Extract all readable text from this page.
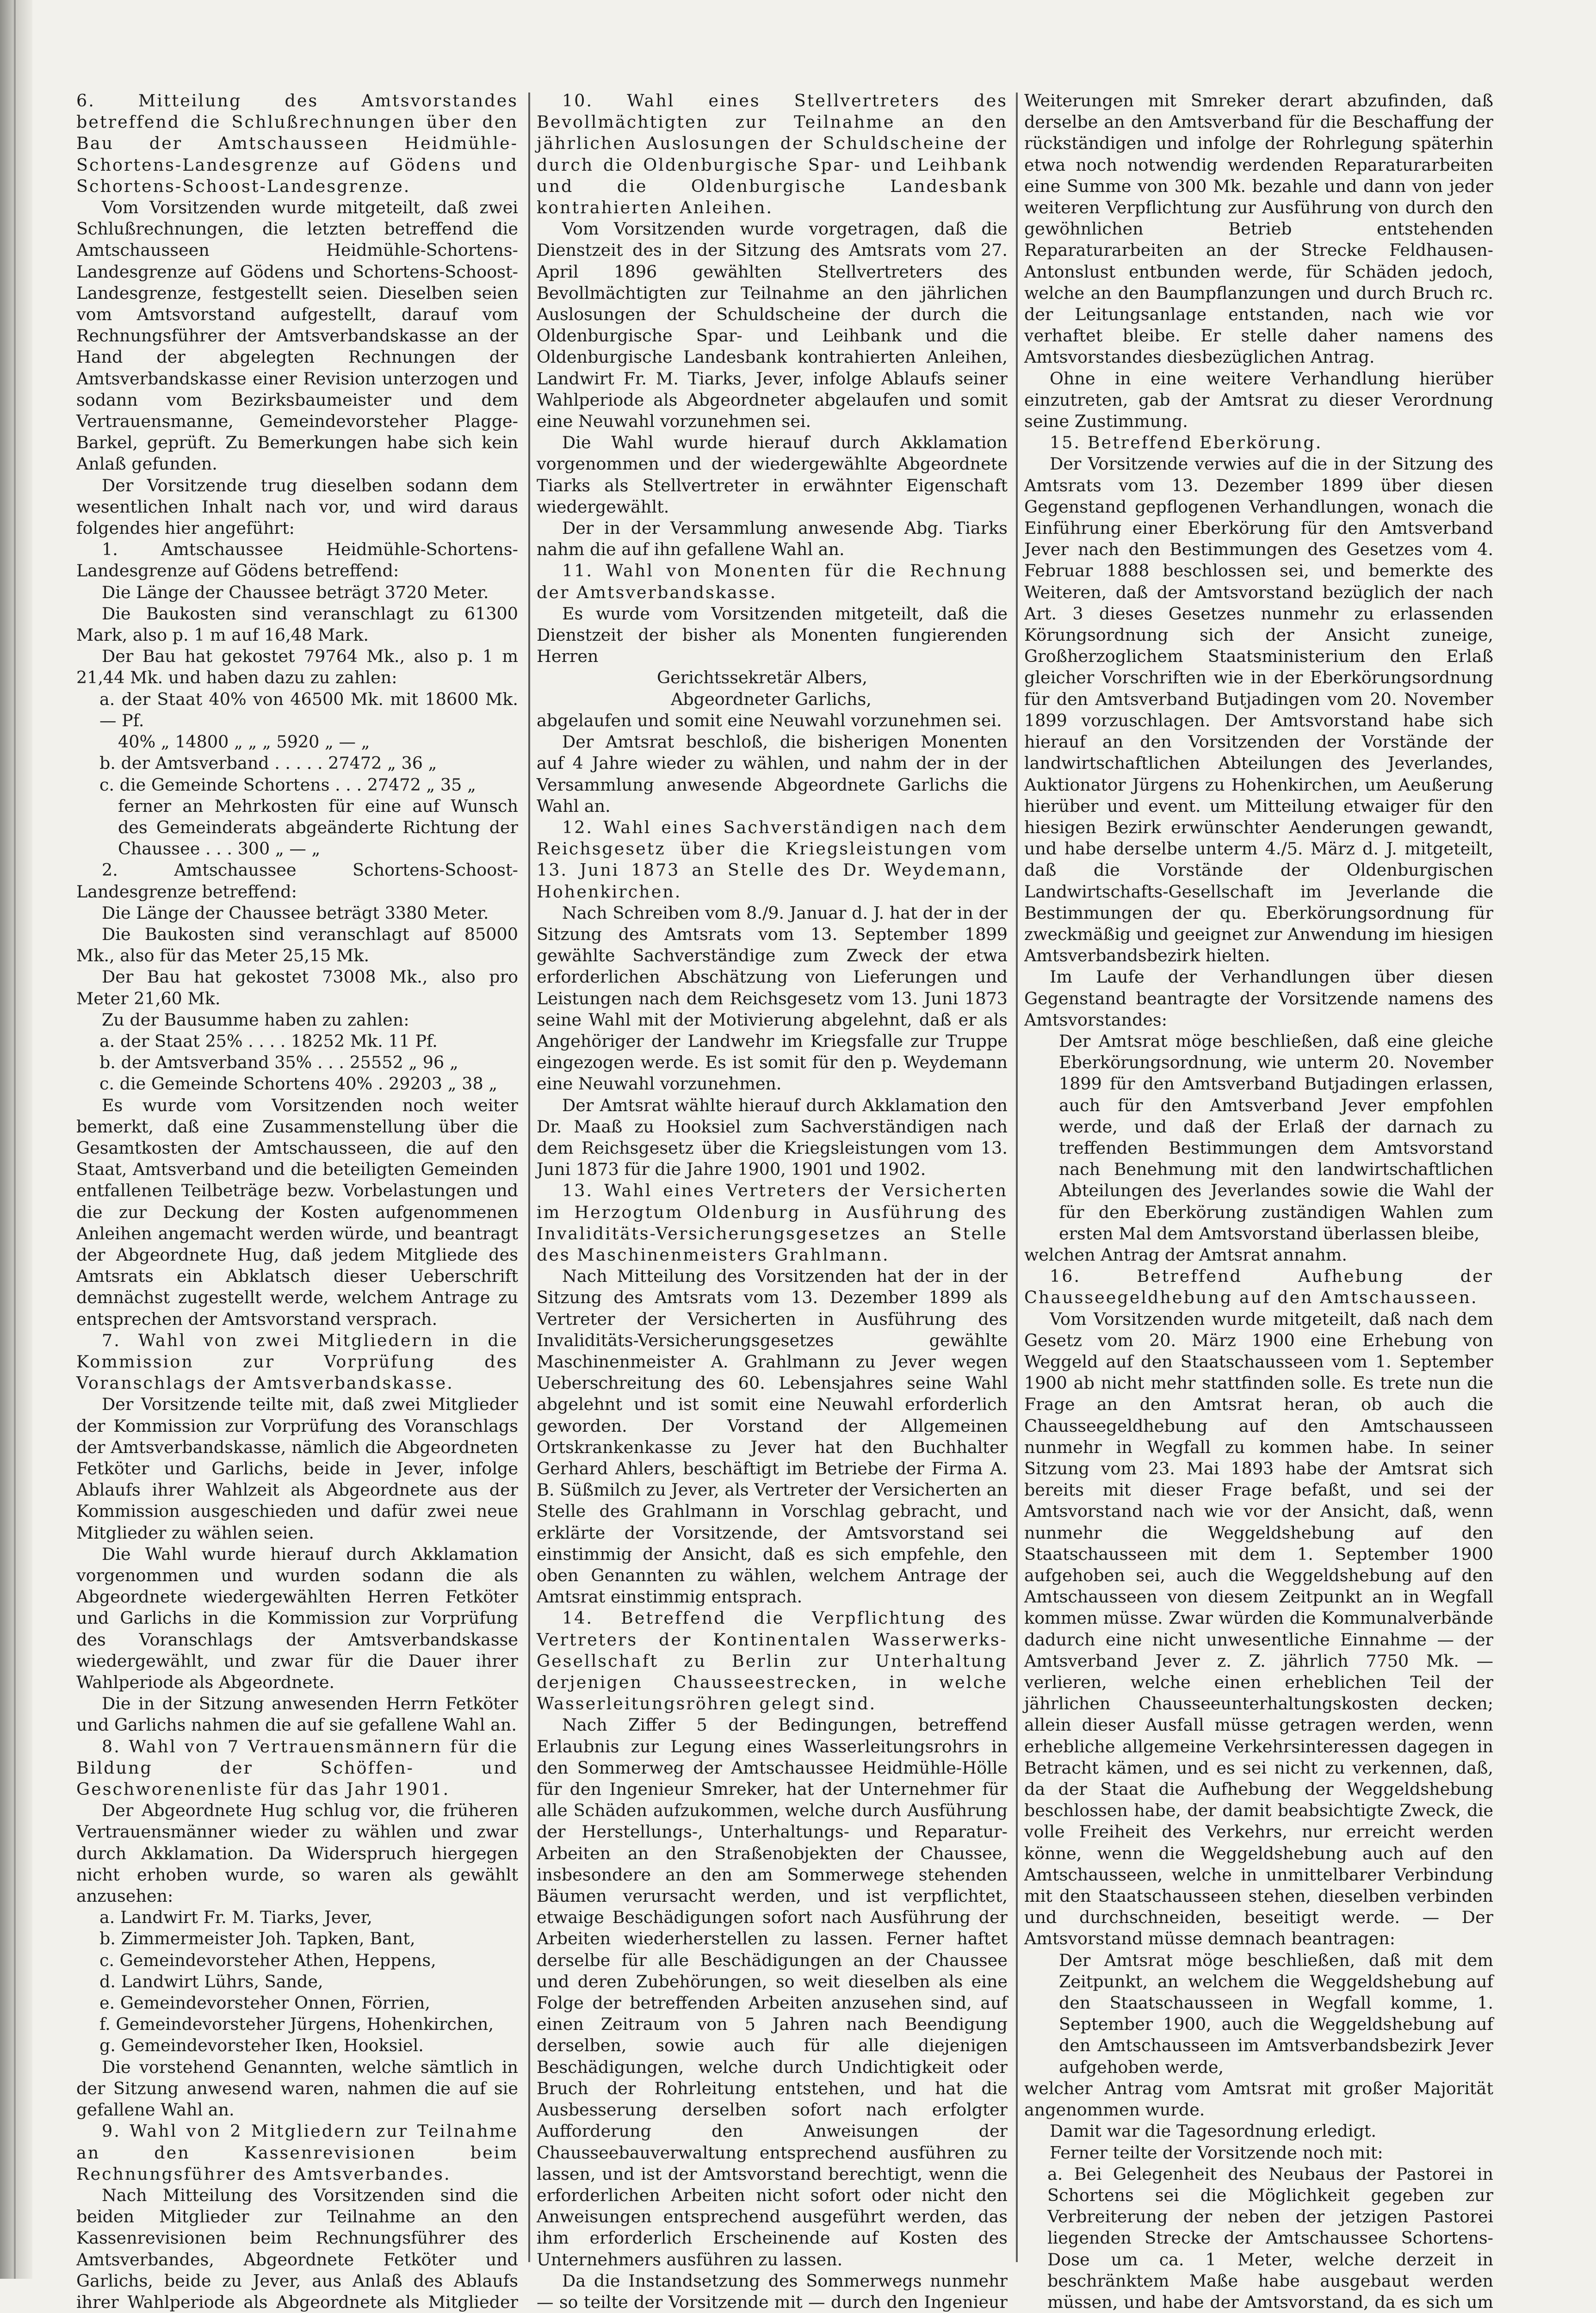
6. Mitteilung des Amtsvorstandes betreffend die Schlußrechnungen über den Bau der Amtschausseen Heidmühle-Schortens-Landesgrenze auf Gödens und Schortens-Schoost-Landesgrenze.

Vom Vorsitzenden wurde mitgeteilt, daß zwei Schlußrechnungen, die letzten betreffend die Amtschausseen Heidmühle-Schortens-Landesgrenze auf Gödens und Schortens-Schoost-Landesgrenze, festgestellt seien. Dieselben seien vom Amtsvorstand aufgestellt, darauf vom Rechnungsführer der Amtsverbandskasse an der Hand der abgelegten Rechnungen der Amtsverbandskasse einer Revision unterzogen und sodann vom Bezirksbaumeister und dem Vertrauensmanne, Gemeindevorsteher Plagge-Barkel, geprüft. Zu Bemerkungen habe sich kein Anlaß gefunden.

Der Vorsitzende trug dieselben sodann dem wesentlichen Inhalt nach vor, und wird daraus folgendes hier angeführt:

1. Amtschaussee Heidmühle-Schortens-Landesgrenze auf Gödens betreffend:

Die Länge der Chaussee beträgt 3720 Meter.

Die Baukosten sind veranschlagt zu 61300 Mark, also p. 1 m auf 16,48 Mark.

Der Bau hat gekostet 79764 Mk., also p. 1 m 21,44 Mk. und haben dazu zu zahlen:

a. der Staat 40% von 46500 Mk. mit 18600 Mk. — Pf.

40% „ 14800 „ „ „ 5920 „ — „

b. der Amtsverband . . . . . 27472 „ 36 „

c. die Gemeinde Schortens . . . 27472 „ 35 „

ferner an Mehrkosten für eine auf Wunsch des Gemeinderats abgeänderte Richtung der Chaussee . . . 300 „ — „

2. Amtschaussee Schortens-Schoost-Landesgrenze betreffend:

Die Länge der Chaussee beträgt 3380 Meter.

Die Baukosten sind veranschlagt auf 85000 Mk., also für das Meter 25,15 Mk.

Der Bau hat gekostet 73008 Mk., also pro Meter 21,60 Mk.

Zu der Bausumme haben zu zahlen:

a. der Staat 25% . . . . 18252 Mk. 11 Pf.

b. der Amtsverband 35% . . . 25552 „ 96 „

c. die Gemeinde Schortens 40% . 29203 „ 38 „

Es wurde vom Vorsitzenden noch weiter bemerkt, daß eine Zusammenstellung über die Gesamtkosten der Amtschausseen, die auf den Staat, Amtsverband und die beteiligten Gemeinden entfallenen Teilbeträge bezw. Vorbelastungen und die zur Deckung der Kosten aufgenommenen Anleihen angemacht werden würde, und beantragt der Abgeordnete Hug, daß jedem Mitgliede des Amtsrats ein Abklatsch dieser Ueberschrift demnächst zugestellt werde, welchem Antrage zu entsprechen der Amtsvorstand versprach.

7. Wahl von zwei Mitgliedern in die Kommission zur Vorprüfung des Voranschlags der Amtsverbandskasse.

Der Vorsitzende teilte mit, daß zwei Mitglieder der Kommission zur Vorprüfung des Voranschlags der Amtsverbandskasse, nämlich die Abgeordneten Fetköter und Garlichs, beide in Jever, infolge Ablaufs ihrer Wahlzeit als Abgeordnete aus der Kommission ausgeschieden und dafür zwei neue Mitglieder zu wählen seien.

Die Wahl wurde hierauf durch Akklamation vorgenommen und wurden sodann die als Abgeordnete wiedergewählten Herren Fetköter und Garlichs in die Kommission zur Vorprüfung des Voranschlags der Amtsverbandskasse wiedergewählt, und zwar für die Dauer ihrer Wahlperiode als Abgeordnete.

Die in der Sitzung anwesenden Herrn Fetköter und Garlichs nahmen die auf sie gefallene Wahl an.

8. Wahl von 7 Vertrauensmännern für die Bildung der Schöffen- und Geschworenenliste für das Jahr 1901.

Der Abgeordnete Hug schlug vor, die früheren Vertrauensmänner wieder zu wählen und zwar durch Akklamation. Da Widerspruch hiergegen nicht erhoben wurde, so waren als gewählt anzusehen:

a. Landwirt Fr. M. Tiarks, Jever,

b. Zimmermeister Joh. Tapken, Bant,

c. Gemeindevorsteher Athen, Heppens,

d. Landwirt Lührs, Sande,

e. Gemeindevorsteher Onnen, Förrien,

f. Gemeindevorsteher Jürgens, Hohenkirchen,

g. Gemeindevorsteher Iken, Hooksiel.

Die vorstehend Genannten, welche sämtlich in der Sitzung anwesend waren, nahmen die auf sie gefallene Wahl an.

9. Wahl von 2 Mitgliedern zur Teilnahme an den Kassenrevisionen beim Rechnungsführer des Amtsverbandes.

Nach Mitteilung des Vorsitzenden sind die beiden Mitglieder zur Teilnahme an den Kassenrevisionen beim Rechnungsführer des Amtsverbandes, Abgeordnete Fetköter und Garlichs, beide zu Jever, aus Anlaß des Ablaufs ihrer Wahlperiode als Abgeordnete als Mitglieder

10. Wahl eines Stellvertreters des Bevollmächtigten zur Teilnahme an den jährlichen Auslosungen der Schuldscheine der durch die Oldenburgische Spar- und Leihbank und die Oldenburgische Landesbank kontrahierten Anleihen.

Vom Vorsitzenden wurde vorgetragen, daß die Dienstzeit des in der Sitzung des Amtsrats vom 27. April 1896 gewählten Stellvertreters des Bevollmächtigten zur Teilnahme an den jährlichen Auslosungen der Schuldscheine der durch die Oldenburgische Spar- und Leihbank und die Oldenburgische Landesbank kontrahierten Anleihen, Landwirt Fr. M. Tiarks, Jever, infolge Ablaufs seiner Wahlperiode als Abgeordneter abgelaufen und somit eine Neuwahl vorzunehmen sei.

Die Wahl wurde hierauf durch Akklamation vorgenommen und der wiedergewählte Abgeordnete Tiarks als Stellvertreter in erwähnter Eigenschaft wiedergewählt.

Der in der Versammlung anwesende Abg. Tiarks nahm die auf ihn gefallene Wahl an.

11. Wahl von Monenten für die Rechnung der Amtsverbandskasse.

Es wurde vom Vorsitzenden mitgeteilt, daß die Dienstzeit der bisher als Monenten fungierenden Herren

Gerichtssekretär Albers,

Abgeordneter Garlichs,

abgelaufen und somit eine Neuwahl vorzunehmen sei.

Der Amtsrat beschloß, die bisherigen Monenten auf 4 Jahre wieder zu wählen, und nahm der in der Versammlung anwesende Abgeordnete Garlichs die Wahl an.

12. Wahl eines Sachverständigen nach dem Reichsgesetz über die Kriegsleistungen vom 13. Juni 1873 an Stelle des Dr. Weydemann, Hohenkirchen.

Nach Schreiben vom 8./9. Januar d. J. hat der in der Sitzung des Amtsrats vom 13. September 1899 gewählte Sachverständige zum Zweck der etwa erforderlichen Abschätzung von Lieferungen und Leistungen nach dem Reichsgesetz vom 13. Juni 1873 seine Wahl mit der Motivierung abgelehnt, daß er als Angehöriger der Landwehr im Kriegsfalle zur Truppe eingezogen werde. Es ist somit für den p. Weydemann eine Neuwahl vorzunehmen.

Der Amtsrat wählte hierauf durch Akklamation den Dr. Maaß zu Hooksiel zum Sachverständigen nach dem Reichsgesetz über die Kriegsleistungen vom 13. Juni 1873 für die Jahre 1900, 1901 und 1902.

13. Wahl eines Vertreters der Versicherten im Herzogtum Oldenburg in Ausführung des Invaliditäts-Versicherungsgesetzes an Stelle des Maschinenmeisters Grahlmann.

Nach Mitteilung des Vorsitzenden hat der in der Sitzung des Amtsrats vom 13. Dezember 1899 als Vertreter der Versicherten in Ausführung des Invaliditäts-Versicherungsgesetzes gewählte Maschinenmeister A. Grahlmann zu Jever wegen Ueberschreitung des 60. Lebensjahres seine Wahl abgelehnt und ist somit eine Neuwahl erforderlich geworden. Der Vorstand der Allgemeinen Ortskrankenkasse zu Jever hat den Buchhalter Gerhard Ahlers, beschäftigt im Betriebe der Firma A. B. Süßmilch zu Jever, als Vertreter der Versicherten an Stelle des Grahlmann in Vorschlag gebracht, und erklärte der Vorsitzende, der Amtsvorstand sei einstimmig der Ansicht, daß es sich empfehle, den oben Genannten zu wählen, welchem Antrage der Amtsrat einstimmig entsprach.

14. Betreffend die Verpflichtung des Vertreters der Kontinentalen Wasserwerks-Gesellschaft zu Berlin zur Unterhaltung derjenigen Chausseestrecken, in welche Wasserleitungsröhren gelegt sind.

Nach Ziffer 5 der Bedingungen, betreffend Erlaubnis zur Legung eines Wasserleitungsrohrs in den Sommerweg der Amtschaussee Heidmühle-Hölle für den Ingenieur Smreker, hat der Unternehmer für alle Schäden aufzukommen, welche durch Ausführung der Herstellungs-, Unterhaltungs- und Reparatur-Arbeiten an den Straßenobjekten der Chaussee, insbesondere an den am Sommerwege stehenden Bäumen verursacht werden, und ist verpflichtet, etwaige Beschädigungen sofort nach Ausführung der Arbeiten wiederherstellen zu lassen. Ferner haftet derselbe für alle Beschädigungen an der Chaussee und deren Zubehörungen, so weit dieselben als eine Folge der betreffenden Arbeiten anzusehen sind, auf einen Zeitraum von 5 Jahren nach Beendigung derselben, sowie auch für alle diejenigen Beschädigungen, welche durch Undichtigkeit oder Bruch der Rohrleitung entstehen, und hat die Ausbesserung derselben sofort nach erfolgter Aufforderung den Anweisungen der Chausseebauverwaltung entsprechend ausführen zu lassen, und ist der Amtsvorstand berechtigt, wenn die erforderlichen Arbeiten nicht sofort oder nicht den Anweisungen entsprechend ausgeführt werden, das ihm erforderlich Erscheinende auf Kosten des Unternehmers ausführen zu lassen.

Da die Instandsetzung des Sommerwegs nunmehr — so teilte der Vorsitzende mit — durch den Ingenieur

Weiterungen mit Smreker derart abzufinden, daß derselbe an den Amtsverband für die Beschaffung der rückständigen und infolge der Rohrlegung späterhin etwa noch notwendig werdenden Reparaturarbeiten eine Summe von 300 Mk. bezahle und dann von jeder weiteren Verpflichtung zur Ausführung von durch den gewöhnlichen Betrieb entstehenden Reparaturarbeiten an der Strecke Feldhausen-Antonslust entbunden werde, für Schäden jedoch, welche an den Baumpflanzungen und durch Bruch rc. der Leitungsanlage entstanden, nach wie vor verhaftet bleibe. Er stelle daher namens des Amtsvorstandes diesbezüglichen Antrag.

Ohne in eine weitere Verhandlung hierüber einzutreten, gab der Amtsrat zu dieser Verordnung seine Zustimmung.

15. Betreffend Eberkörung.

Der Vorsitzende verwies auf die in der Sitzung des Amtsrats vom 13. Dezember 1899 über diesen Gegenstand gepflogenen Verhandlungen, wonach die Einführung einer Eberkörung für den Amtsverband Jever nach den Bestimmungen des Gesetzes vom 4. Februar 1888 beschlossen sei, und bemerkte des Weiteren, daß der Amtsvorstand bezüglich der nach Art. 3 dieses Gesetzes nunmehr zu erlassenden Körungsordnung sich der Ansicht zuneige, Großherzoglichem Staatsministerium den Erlaß gleicher Vorschriften wie in der Eberkörungsordnung für den Amtsverband Butjadingen vom 20. November 1899 vorzuschlagen. Der Amtsvorstand habe sich hierauf an den Vorsitzenden der Vorstände der landwirtschaftlichen Abteilungen des Jeverlandes, Auktionator Jürgens zu Hohenkirchen, um Aeußerung hierüber und event. um Mitteilung etwaiger für den hiesigen Bezirk erwünschter Aenderungen gewandt, und habe derselbe unterm 4./5. März d. J. mitgeteilt, daß die Vorstände der Oldenburgischen Landwirtschafts-Gesellschaft im Jeverlande die Bestimmungen der qu. Eberkörungsordnung für zweckmäßig und geeignet zur Anwendung im hiesigen Amtsverbandsbezirk hielten.

Im Laufe der Verhandlungen über diesen Gegenstand beantragte der Vorsitzende namens des Amtsvorstandes:

Der Amtsrat möge beschließen, daß eine gleiche Eberkörungsordnung, wie unterm 20. November 1899 für den Amtsverband Butjadingen erlassen, auch für den Amtsverband Jever empfohlen werde, und daß der Erlaß der darnach zu treffenden Bestimmungen dem Amtsvorstand nach Benehmung mit den landwirtschaftlichen Abteilungen des Jeverlandes sowie die Wahl der für den Eberkörung zuständigen Wahlen zum ersten Mal dem Amtsvorstand überlassen bleibe,

welchen Antrag der Amtsrat annahm.

16. Betreffend Aufhebung der Chausseegeldhebung auf den Amtschausseen.

Vom Vorsitzenden wurde mitgeteilt, daß nach dem Gesetz vom 20. März 1900 eine Erhebung von Weggeld auf den Staatschausseen vom 1. September 1900 ab nicht mehr stattfinden solle. Es trete nun die Frage an den Amtsrat heran, ob auch die Chausseegeldhebung auf den Amtschausseen nunmehr in Wegfall zu kommen habe. In seiner Sitzung vom 23. Mai 1893 habe der Amtsrat sich bereits mit dieser Frage befaßt, und sei der Amtsvorstand nach wie vor der Ansicht, daß, wenn nunmehr die Weggeldshebung auf den Staatschausseen mit dem 1. September 1900 aufgehoben sei, auch die Weggeldshebung auf den Amtschausseen von diesem Zeitpunkt an in Wegfall kommen müsse. Zwar würden die Kommunalverbände dadurch eine nicht unwesentliche Einnahme — der Amtsverband Jever z. Z. jährlich 7750 Mk. — verlieren, welche einen erheblichen Teil der jährlichen Chausseeunterhaltungskosten decken; allein dieser Ausfall müsse getragen werden, wenn erhebliche allgemeine Verkehrsinteressen dagegen in Betracht kämen, und es sei nicht zu verkennen, daß, da der Staat die Aufhebung der Weggeldshebung beschlossen habe, der damit beabsichtigte Zweck, die volle Freiheit des Verkehrs, nur erreicht werden könne, wenn die Weggeldshebung auch auf den Amtschausseen, welche in unmittelbarer Verbindung mit den Staatschausseen stehen, dieselben verbinden und durchschneiden, beseitigt werde. — Der Amtsvorstand müsse demnach beantragen:

Der Amtsrat möge beschließen, daß mit dem Zeitpunkt, an welchem die Weggeldshebung auf den Staatschausseen in Wegfall komme, 1. September 1900, auch die Weggeldshebung auf den Amtschausseen im Amtsverbandsbezirk Jever aufgehoben werde,

welcher Antrag vom Amtsrat mit großer Majorität angenommen wurde.

Damit war die Tagesordnung erledigt.

Ferner teilte der Vorsitzende noch mit:

a. Bei Gelegenheit des Neubaus der Pastorei in Schortens sei die Möglichkeit gegeben zur Verbreiterung der neben der jetzigen Pastorei liegenden Strecke der Amtschaussee Schortens-Dose um ca. 1 Meter, welche derzeit in beschränktem Maße habe ausgebaut werden müssen, und habe der Amtsvorstand, da es sich um
